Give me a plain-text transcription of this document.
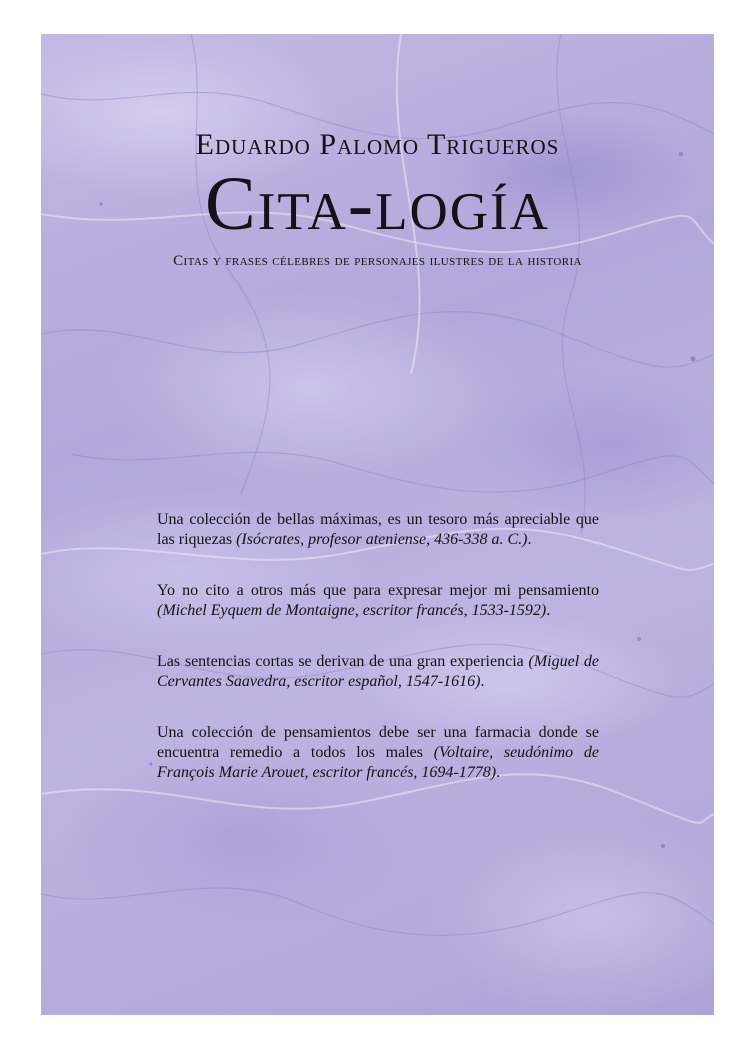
Eduardo Palomo Trigueros
Cita-logía

Citas y frases célebres de personajes ilustres de la historia

Una colección de bellas máximas, es un tesoro más apreciable que las riquezas (Isócrates, profesor ateniense, 436-338 a. C.).

Yo no cito a otros más que para expresar mejor mi pensamiento (Michel Eyquem de Montaigne, escritor francés, 1533-1592).

Las sentencias cortas se derivan de una gran experiencia (Miguel de Cervantes Saavedra, escritor español, 1547-1616).

Una colección de pensamientos debe ser una farmacia donde se encuentra remedio a todos los males (Voltaire, seudónimo de François Marie Arouet, escritor francés, 1694-1778).
